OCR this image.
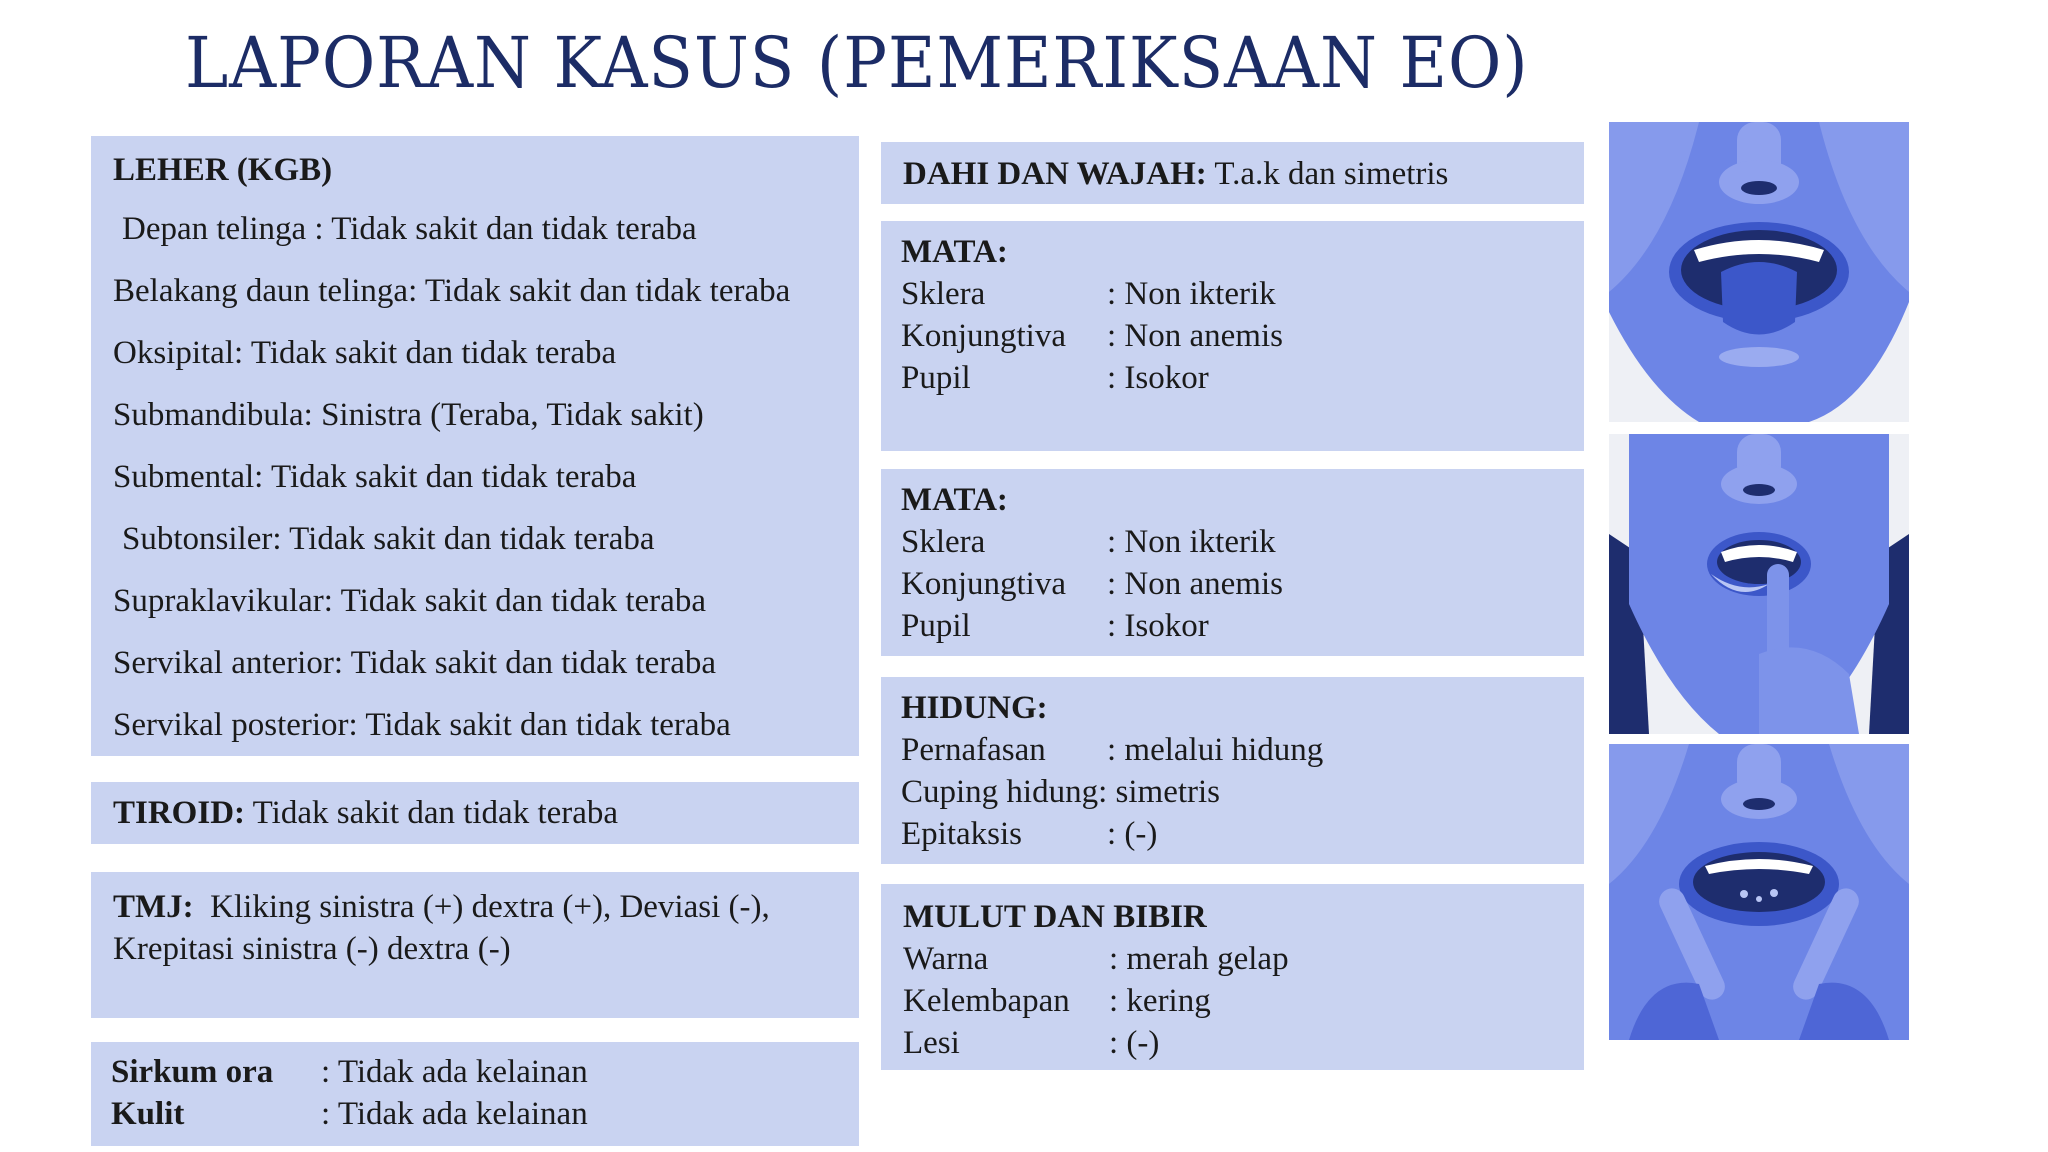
LAPORAN KASUS (PEMERIKSAAN EO)
LEHER (KGB)
Depan telinga : Tidak sakit dan tidak teraba
Belakang daun telinga: Tidak sakit dan tidak teraba
Oksipital: Tidak sakit dan tidak teraba
Submandibula: Sinistra (Teraba, Tidak sakit)
Submental: Tidak sakit dan tidak teraba
Subtonsiler: Tidak sakit dan tidak teraba
Supraklavikular: Tidak sakit dan tidak teraba
Servikal anterior: Tidak sakit dan tidak teraba
Servikal posterior: Tidak sakit dan tidak teraba
TIROID: Tidak sakit dan tidak teraba
TMJ:  Kliking sinistra (+) dextra (+), Deviasi (-),
Krepitasi sinistra (-) dextra (-)
Sirkum ora	: Tidak ada kelainan
Kulit	: Tidak ada kelainan
DAHI DAN WAJAH: T.a.k dan simetris
MATA:
Sklera	: Non ikterik
Konjungtiva	: Non anemis
Pupil	: Isokor
MATA:
Sklera	: Non ikterik
Konjungtiva	: Non anemis
Pupil	: Isokor
HIDUNG:
Pernafasan	: melalui hidung
Cuping hidung : simetris
Epitaksis	: (-)
MULUT DAN BIBIR
Warna	: merah gelap
Kelembapan	: kering
Lesi	: (-)
